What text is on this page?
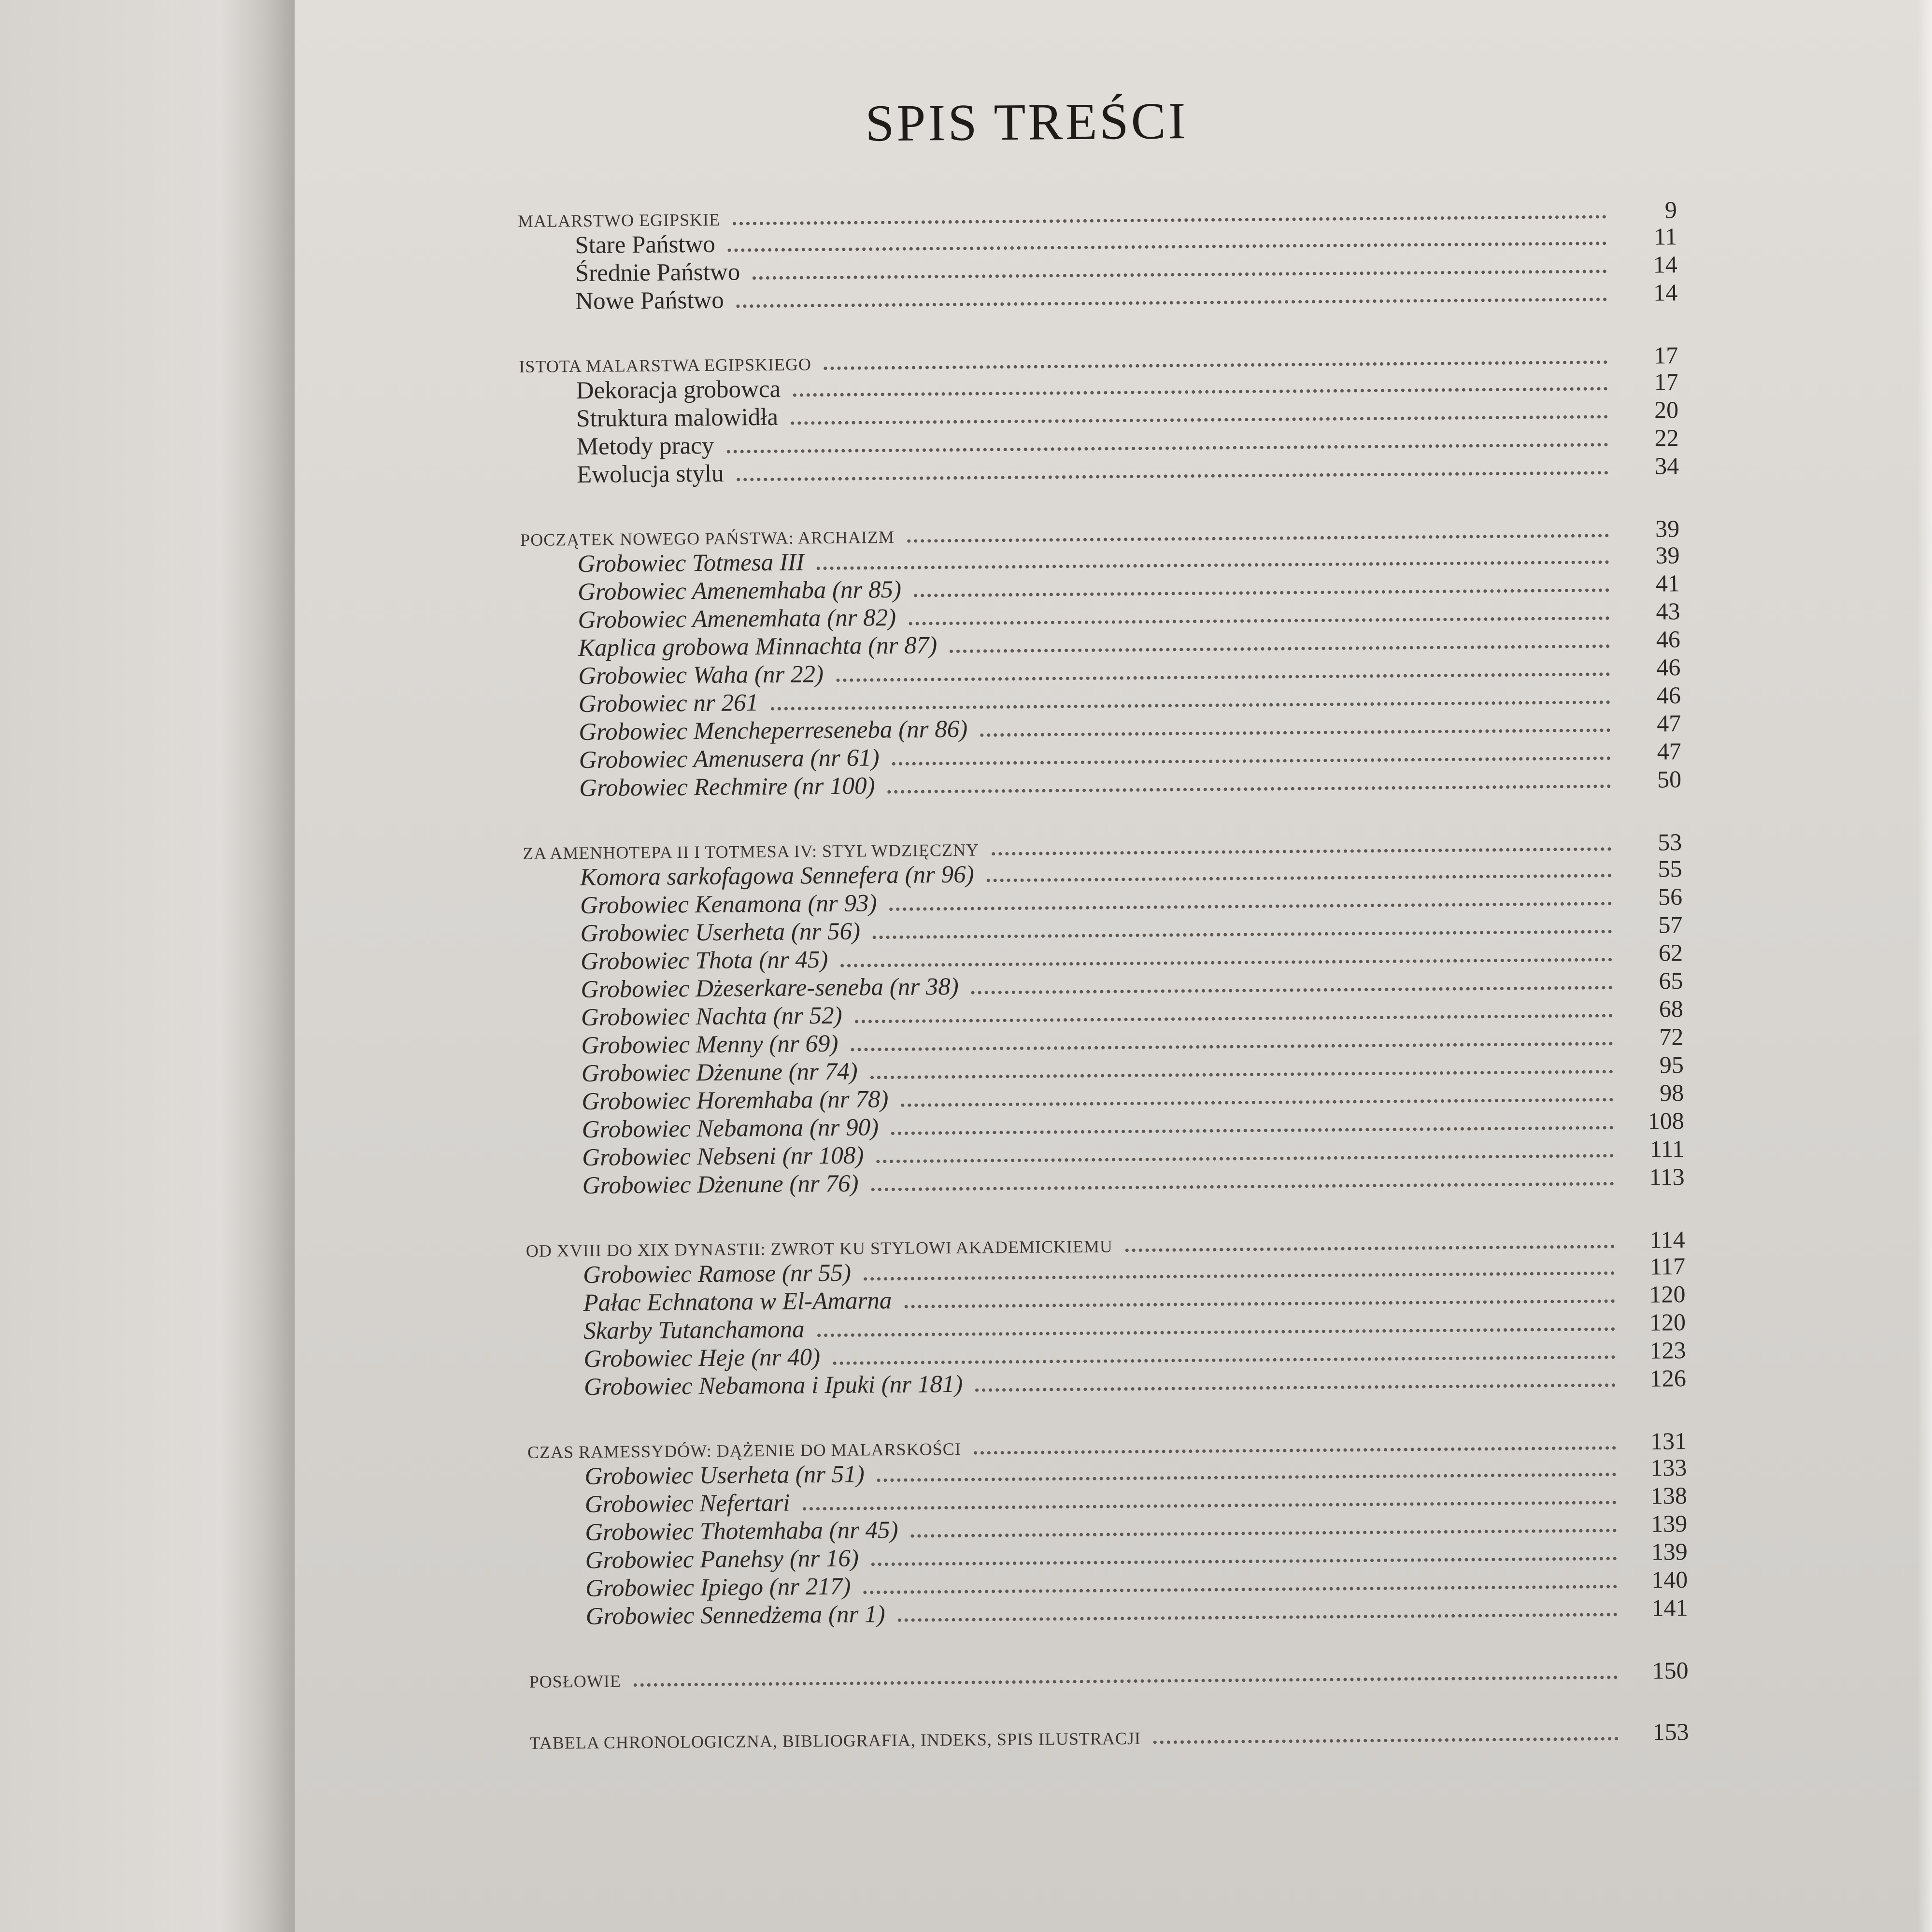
SPIS TREŚCI
MALARSTWO EGIPSKIE	9
Stare Państwo	11
Średnie Państwo	14
Nowe Państwo	14
ISTOTA MALARSTWA EGIPSKIEGO	17
Dekoracja grobowca	17
Struktura malowidła	20
Metody pracy	22
Ewolucja stylu	34
POCZĄTEK NOWEGO PAŃSTWA: ARCHAIZM	39
Grobowiec Totmesa III	39
Grobowiec Amenemhaba (nr 85)	41
Grobowiec Amenemhata (nr 82)	43
Kaplica grobowa Minnachta (nr 87)	46
Grobowiec Waha (nr 22)	46
Grobowiec nr 261	46
Grobowiec Mencheperreseneba (nr 86)	47
Grobowiec Amenusera (nr 61)	47
Grobowiec Rechmire (nr 100)	50
ZA AMENHOTEPA II I TOTMESA IV: STYL WDZIĘCZNY	53
Komora sarkofagowa Sennefera (nr 96)	55
Grobowiec Kenamona (nr 93)	56
Grobowiec Userheta (nr 56)	57
Grobowiec Thota (nr 45)	62
Grobowiec Dżeserkare-seneba (nr 38)	65
Grobowiec Nachta (nr 52)	68
Grobowiec Menny (nr 69)	72
Grobowiec Dżenune (nr 74)	95
Grobowiec Horemhaba (nr 78)	98
Grobowiec Nebamona (nr 90)	108
Grobowiec Nebseni (nr 108)	111
Grobowiec Dżenune (nr 76)	113
OD XVIII DO XIX DYNASTII: ZWROT KU STYLOWI AKADEMICKIEMU	114
Grobowiec Ramose (nr 55)	117
Pałac Echnatona w El-Amarna	120
Skarby Tutanchamona	120
Grobowiec Heje (nr 40)	123
Grobowiec Nebamona i Ipuki (nr 181)	126
CZAS RAMESSYDÓW: DĄŻENIE DO MALARSKOŚCI	131
Grobowiec Userheta (nr 51)	133
Grobowiec Nefertari	138
Grobowiec Thotemhaba (nr 45)	139
Grobowiec Panehsy (nr 16)	139
Grobowiec Ipiego (nr 217)	140
Grobowiec Sennedżema (nr 1)	141
POSŁOWIE	150
TABELA CHRONOLOGICZNA, BIBLIOGRAFIA, INDEKS, SPIS ILUSTRACJI	153
